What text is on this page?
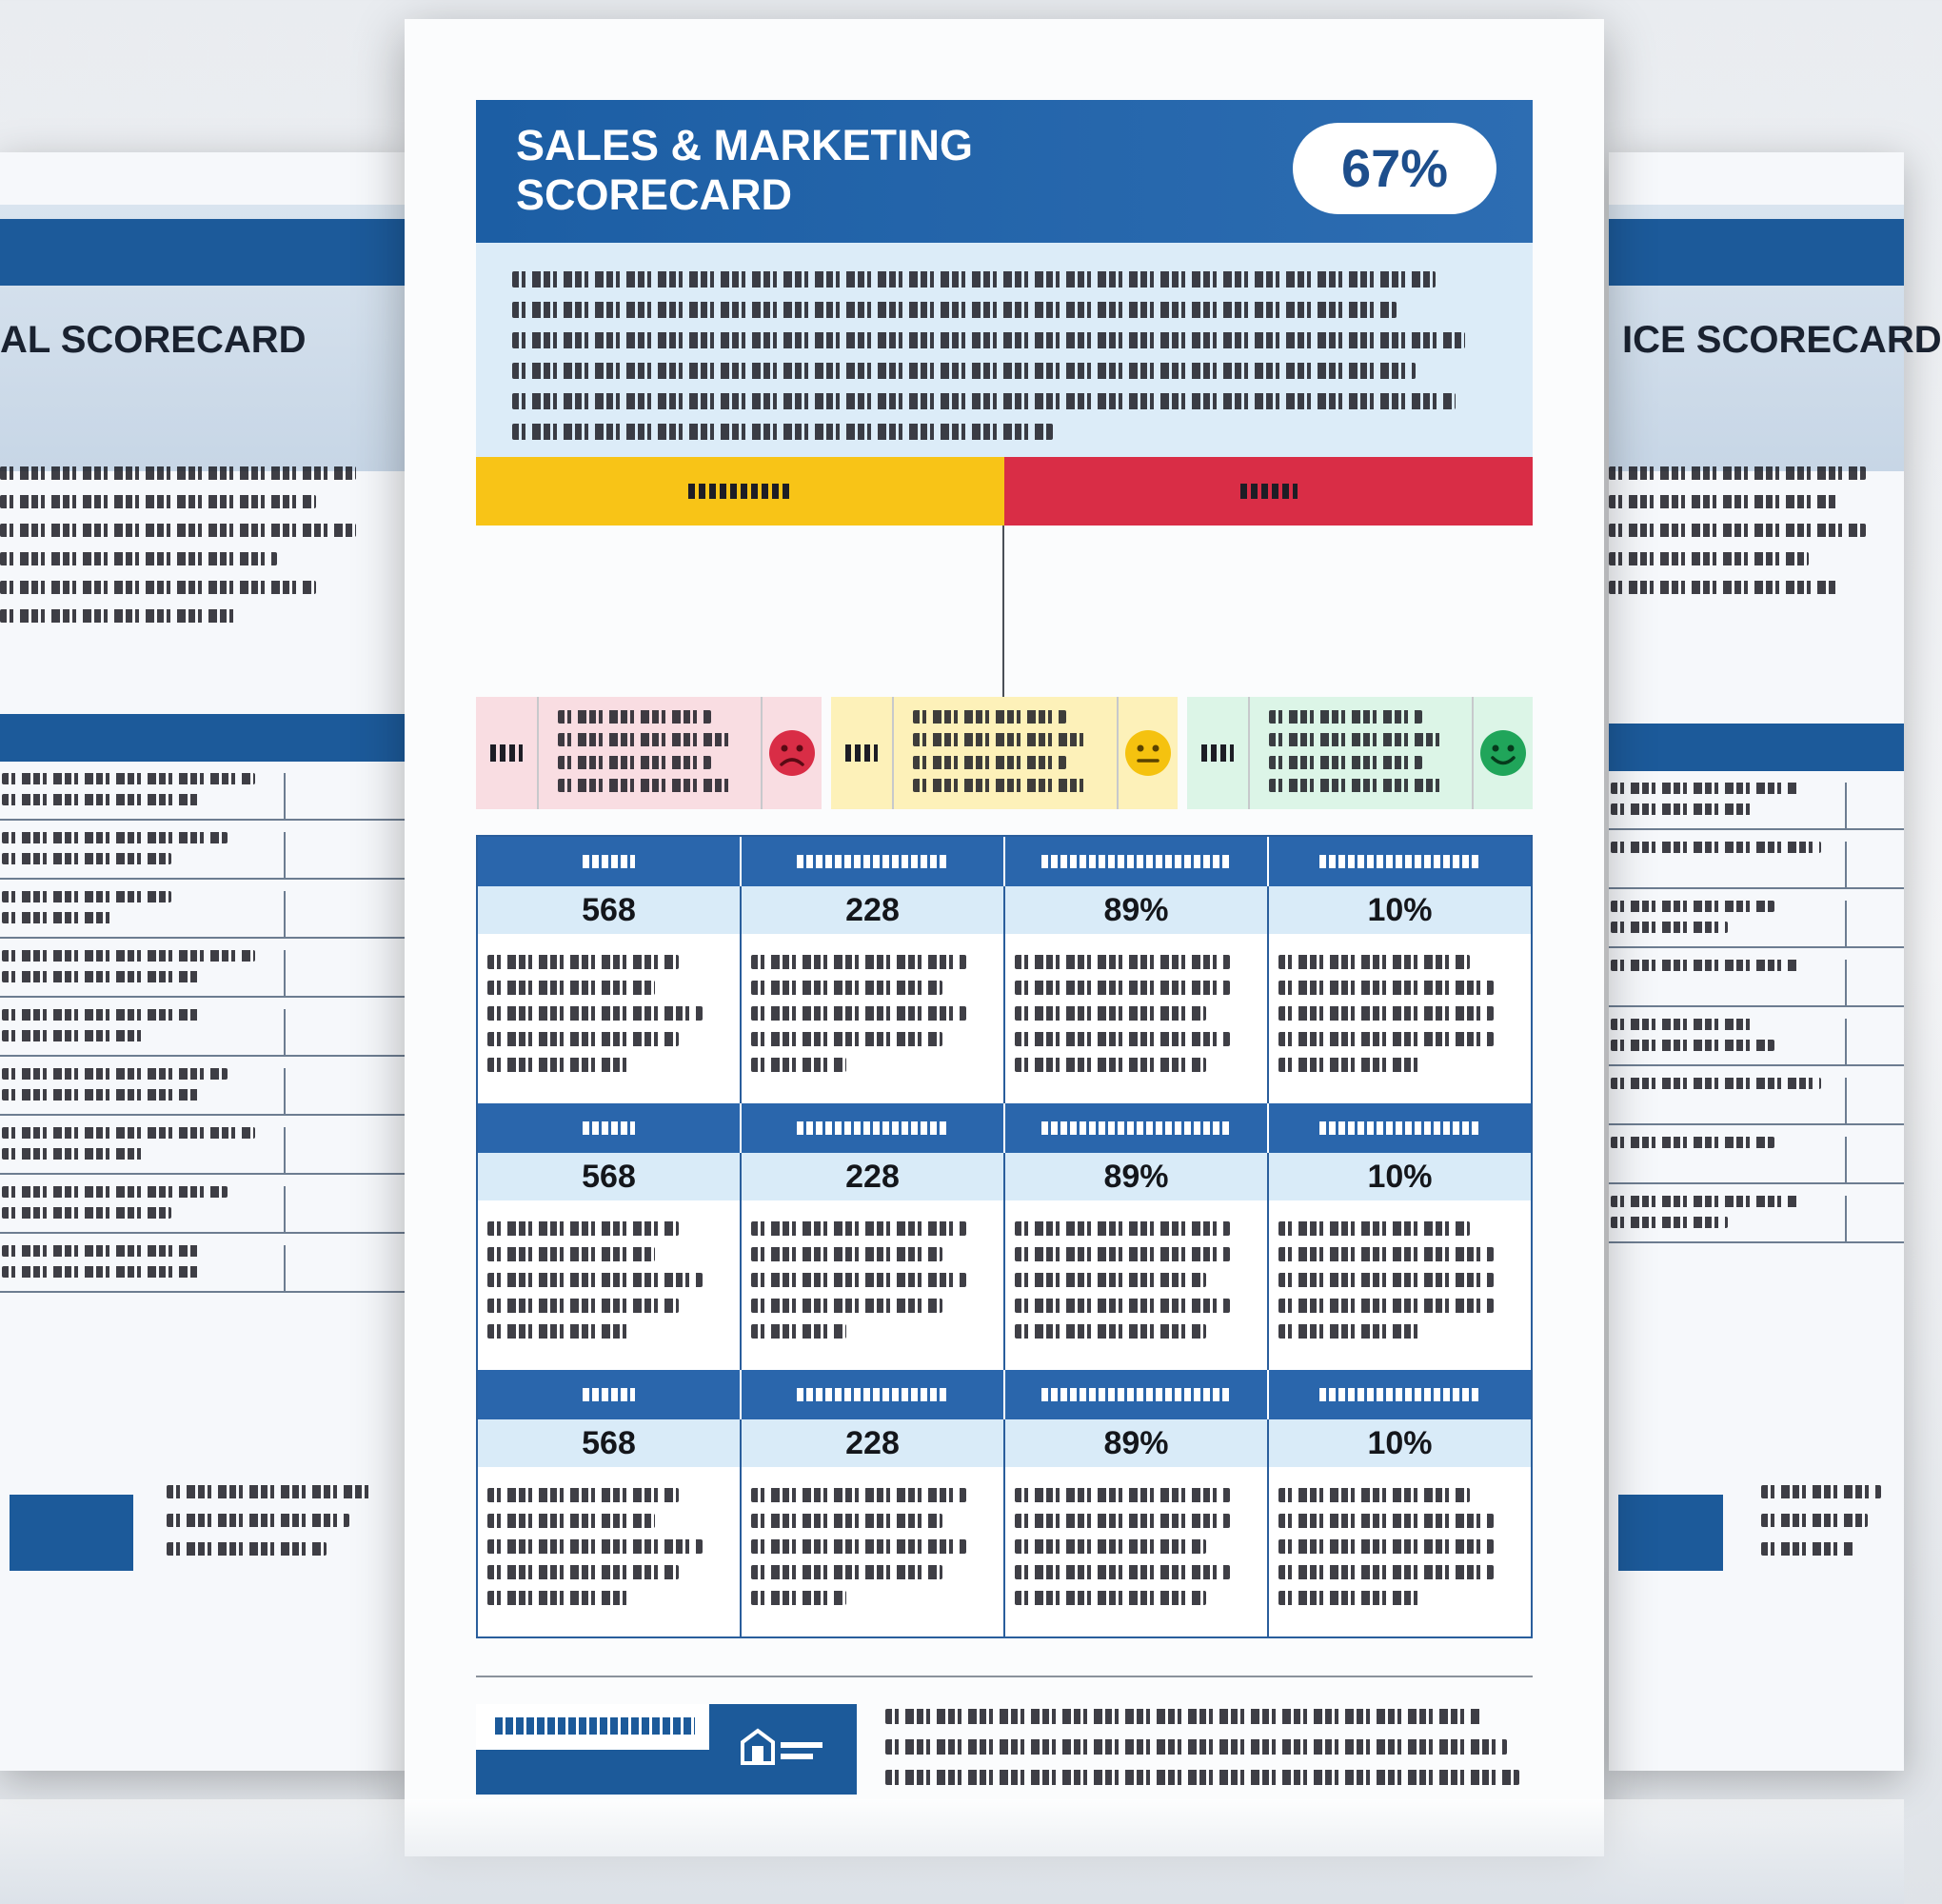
AL SCORECARD	ICE SCORECARD
SALES & MARKETING SCORECARD	67%
568	228	89%	10%
568	228	89%	10%
568	228	89%	10%
